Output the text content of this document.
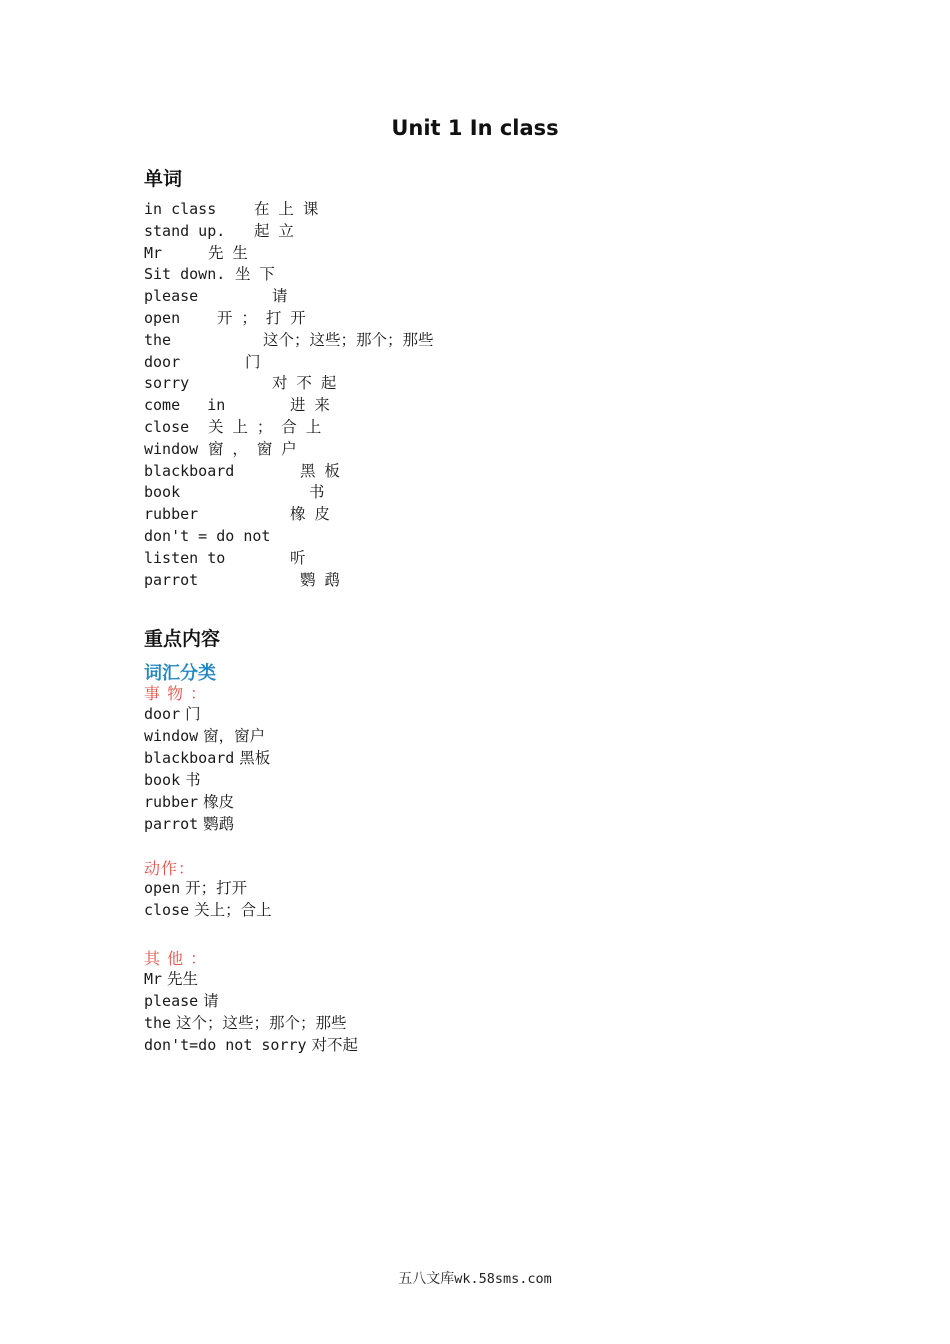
Unit 1 In class
单词
in class 在 上 课
stand up. 起 立
Mr	先 生
Sit down. 坐 下
please	请
open 开 ； 打 开
the	这个；这些；那个；那些
door	门
sorry	对 不 起
come   in	进 来
close 关 上 ； 合 上
window 窗 ， 窗 户
blackboard	黑 板
book	书
rubber	橡 皮
don't = do not
listen to	听
parrot	鹦 鹉
重点内容
词汇分类
事 物 ：
door 门
window 窗，窗户
blackboard 黑板
book 书
rubber 橡皮
parrot 鹦鹉
动作：
open 开；打开
close 关上；合上
其 他 ：
Mr 先生
please 请
the 这个；这些；那个；那些
don't=do not sorry 对不起
五八文库wk.58sms.com
